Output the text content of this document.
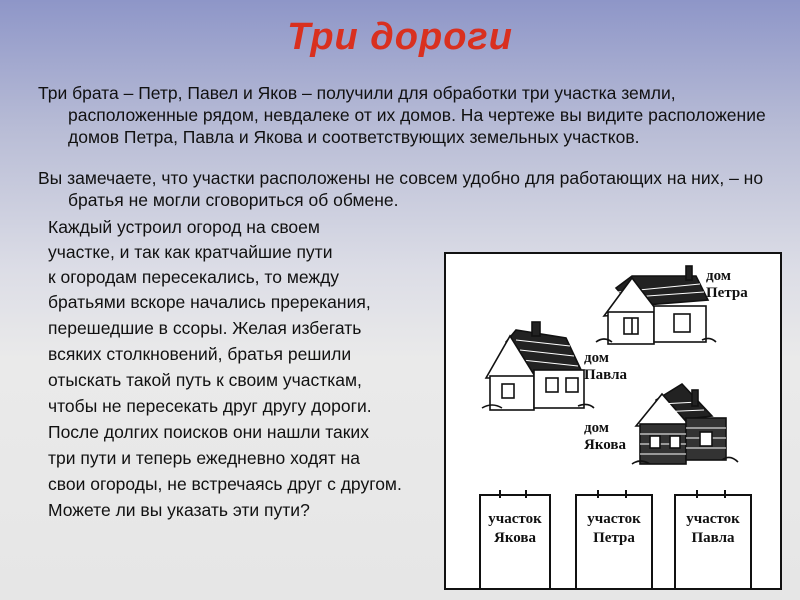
Три дороги

Три брата – Петр, Павел и Яков – получили для обработки три участка земли, расположенные рядом, невдалеке от их домов. На чертеже вы видите расположение домов Петра, Павла и Якова и соответствующих земельных участков.

Вы замечаете, что участки расположены не совсем удобно для работающих на них, – но братья не могли сговориться об обмене.

Каждый устроил огород на своем
участке, и так как кратчайшие пути
к огородам пересекались, то между
братьями вскоре начались пререкания,
перешедшие в ссоры. Желая избегать
всяких столкновений, братья решили
отыскать такой путь к своим участкам,
чтобы не пересекать друг другу дороги.
После долгих поисков они нашли таких
три пути и теперь ежедневно ходят на
свои огороды, не встречаясь друг с другом.
Можете ли вы указать эти пути?
дом Петра
дом Павла
дом Якова
участок Якова
участок Петра
участок Павла
